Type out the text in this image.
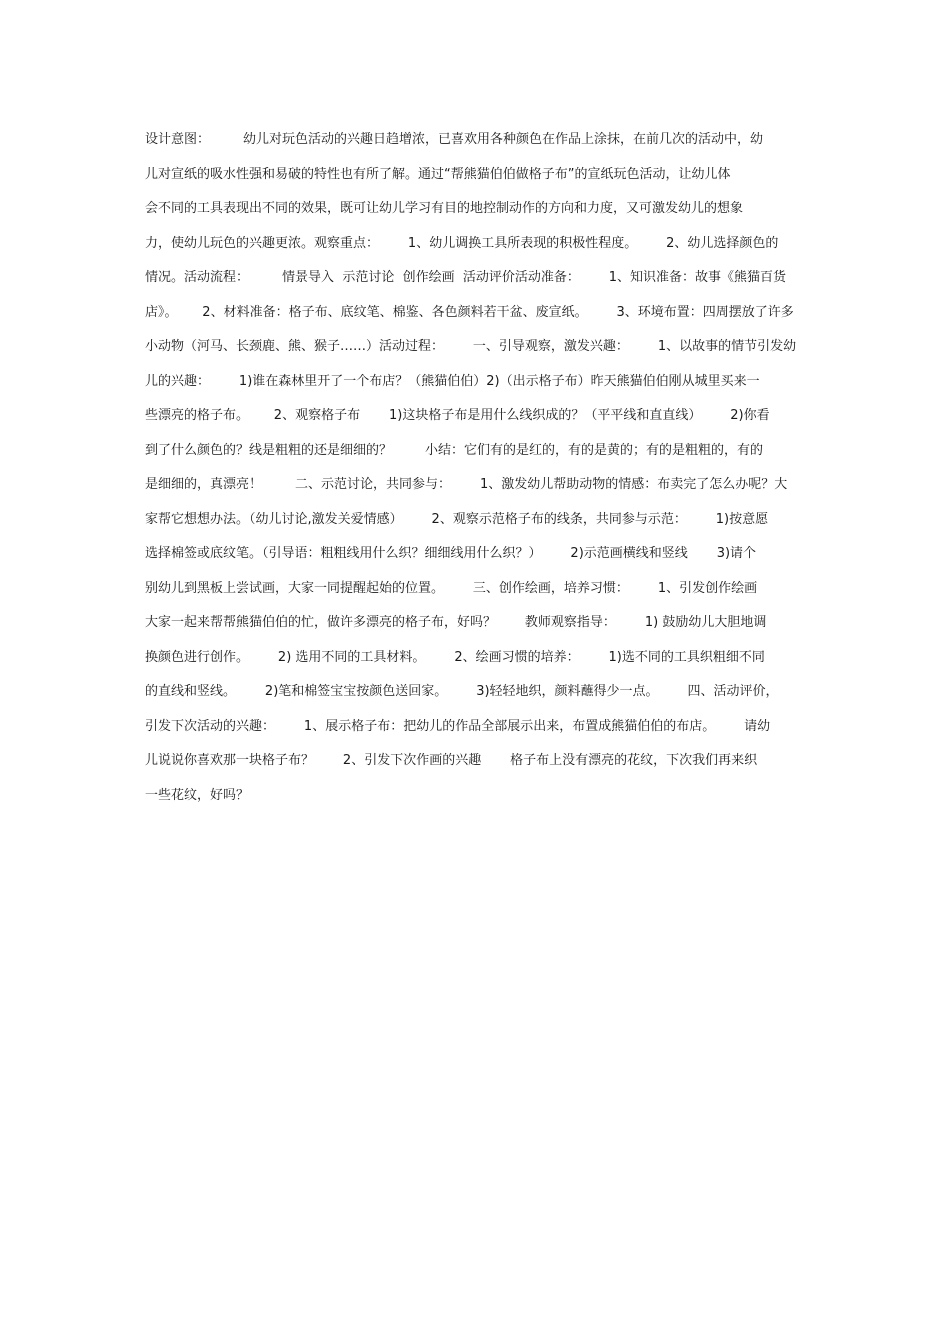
设计意图：        幼儿对玩色活动的兴趣日趋增浓，已喜欢用各种颜色在作品上涂抹，在前几次的活动中，幼
儿对宣纸的吸水性强和易破的特性也有所了解。通过“帮熊猫伯伯做格子布”的宣纸玩色活动，让幼儿体
会不同的工具表现出不同的效果，既可让幼儿学习有目的地控制动作的方向和力度，又可激发幼儿的想象
力，使幼儿玩色的兴趣更浓。观察重点：       1、幼儿调换工具所表现的积极性程度。       2、幼儿选择颜色的
情况。活动流程：        情景导入  示范讨论  创作绘画  活动评价活动准备：       1、知识准备：故事《熊猫百货
店》。      2、材料准备：格子布、底纹笔、棉鉴、各色颜料若干盆、废宣纸。       3、环境布置：四周摆放了许多
小动物（河马、长颈鹿、熊、猴子……）活动过程：       一、引导观察，激发兴趣：       1、以故事的情节引发幼
儿的兴趣：       1)谁在森林里开了一个布店？（熊猫伯伯）2)（出示格子布）昨天熊猫伯伯刚从城里买来一
些漂亮的格子布。      2、观察格子布       1)这块格子布是用什么线织成的？（平平线和直直线）       2)你看
到了什么颜色的？线是粗粗的还是细细的？        小结：它们有的是红的，有的是黄的；有的是粗粗的，有的
是细细的，真漂亮！        二、示范讨论，共同参与：       1、激发幼儿帮助动物的情感：布卖完了怎么办呢？大
家帮它想想办法。（幼儿讨论,激发关爱情感）       2、观察示范格子布的线条，共同参与示范：       1)按意愿
选择棉签或底纹笔。（引导语：粗粗线用什么织？细细线用什么织？）       2)示范画横线和竖线       3)请个
别幼儿到黑板上尝试画，大家一同提醒起始的位置。       三、创作绘画，培养习惯：       1、引发创作绘画
大家一起来帮帮熊猫伯伯的忙，做许多漂亮的格子布，好吗？       教师观察指导：       1) 鼓励幼儿大胆地调
换颜色进行创作。       2) 选用不同的工具材料。       2、绘画习惯的培养：       1)选不同的工具织粗细不同
的直线和竖线。       2)笔和棉签宝宝按颜色送回家。       3)轻轻地织，颜料蘸得少一点。       四、活动评价，
引发下次活动的兴趣：       1、展示格子布：把幼儿的作品全部展示出来，布置成熊猫伯伯的布店。       请幼
儿说说你喜欢那一块格子布？       2、引发下次作画的兴趣       格子布上没有漂亮的花纹，下次我们再来织
一些花纹，好吗？
